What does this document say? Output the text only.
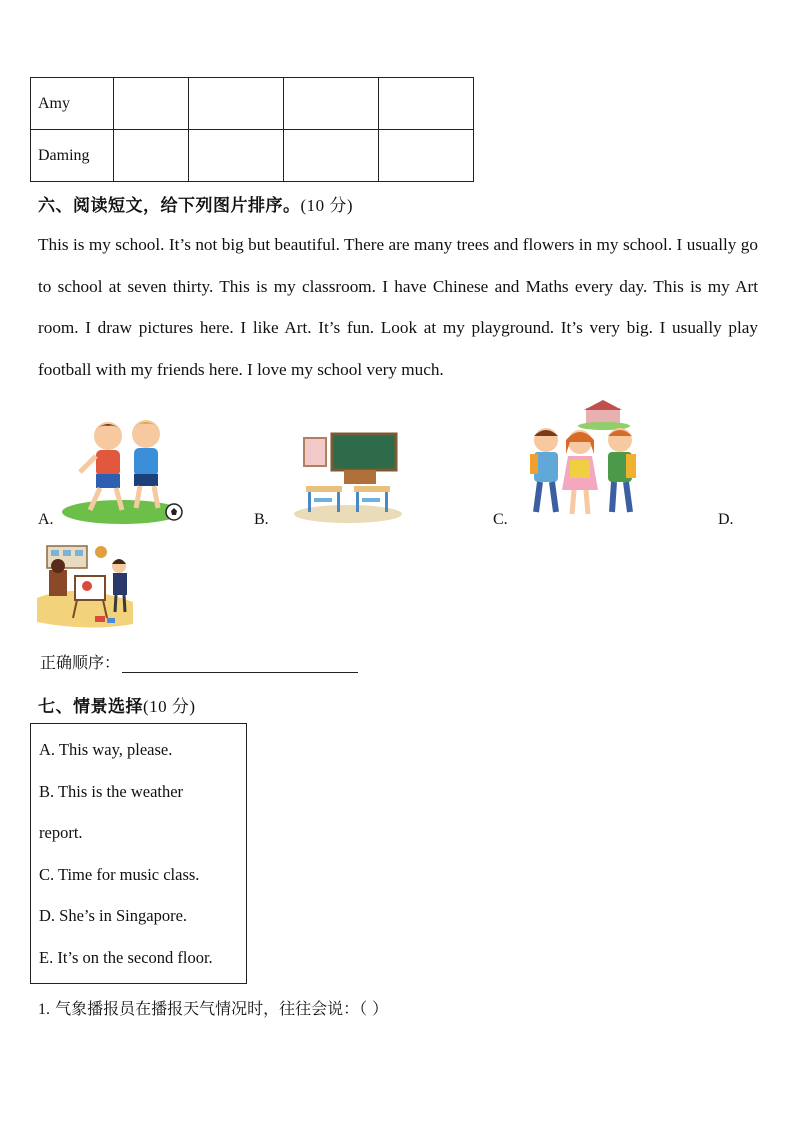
Amy				
Daming				
六、阅读短文，给下列图片排序。(10 分)
This is my school. It’s not big but beautiful. There are many trees and flowers in my school. I usually go to school at seven thirty. This is my classroom. I have Chinese and Maths every day. This is my Art room. I draw pictures here. I like Art. It’s fun. Look at my playground. It’s very big. I usually play football with my friends here. I love my school very much.
A.	B.	C.	D.
正确顺序：
七、情景选择(10 分)
A. This way, please.
B. This is the weather
report.
C. Time for music class.
D. She’s in Singapore.
E. It’s on the second floor.
1. 气象播报员在播报天气情况时，往往会说：（ ）
